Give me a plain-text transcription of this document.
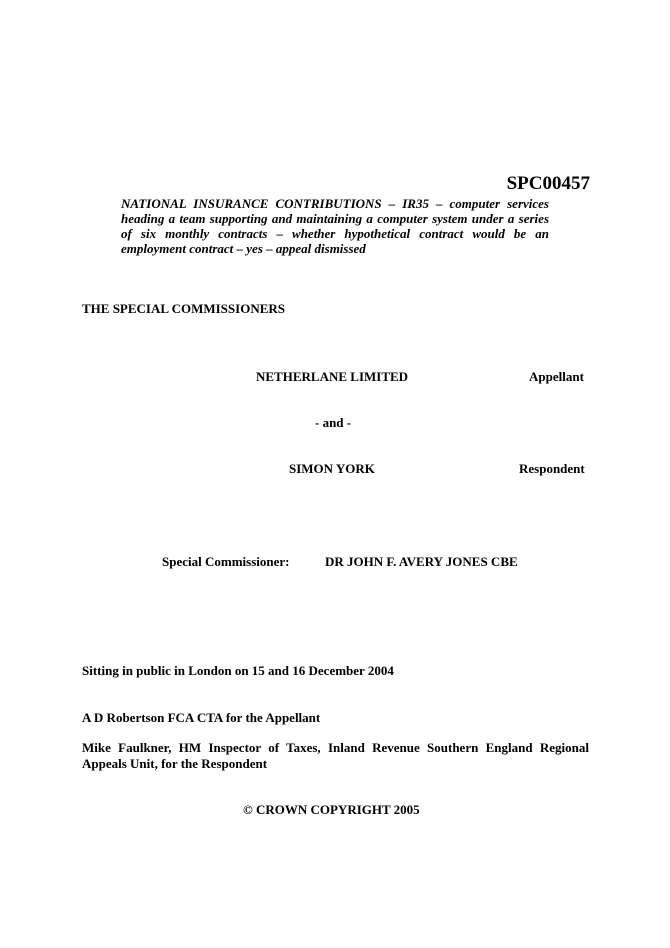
SPC00457
NATIONAL INSURANCE CONTRIBUTIONS – IR35 – computer services heading a team supporting and maintaining a computer system under a series of six monthly contracts – whether hypothetical contract would be an employment contract – yes – appeal dismissed
THE SPECIAL COMMISSIONERS
NETHERLANE LIMITED	Appellant
- and -
SIMON YORK	Respondent
Special Commissioner:	DR JOHN F. AVERY JONES CBE
Sitting in public in London on 15 and 16 December 2004
A D Robertson FCA CTA for the Appellant
Mike Faulkner, HM Inspector of Taxes, Inland Revenue Southern England Regional Appeals Unit, for the Respondent
© CROWN COPYRIGHT 2005
